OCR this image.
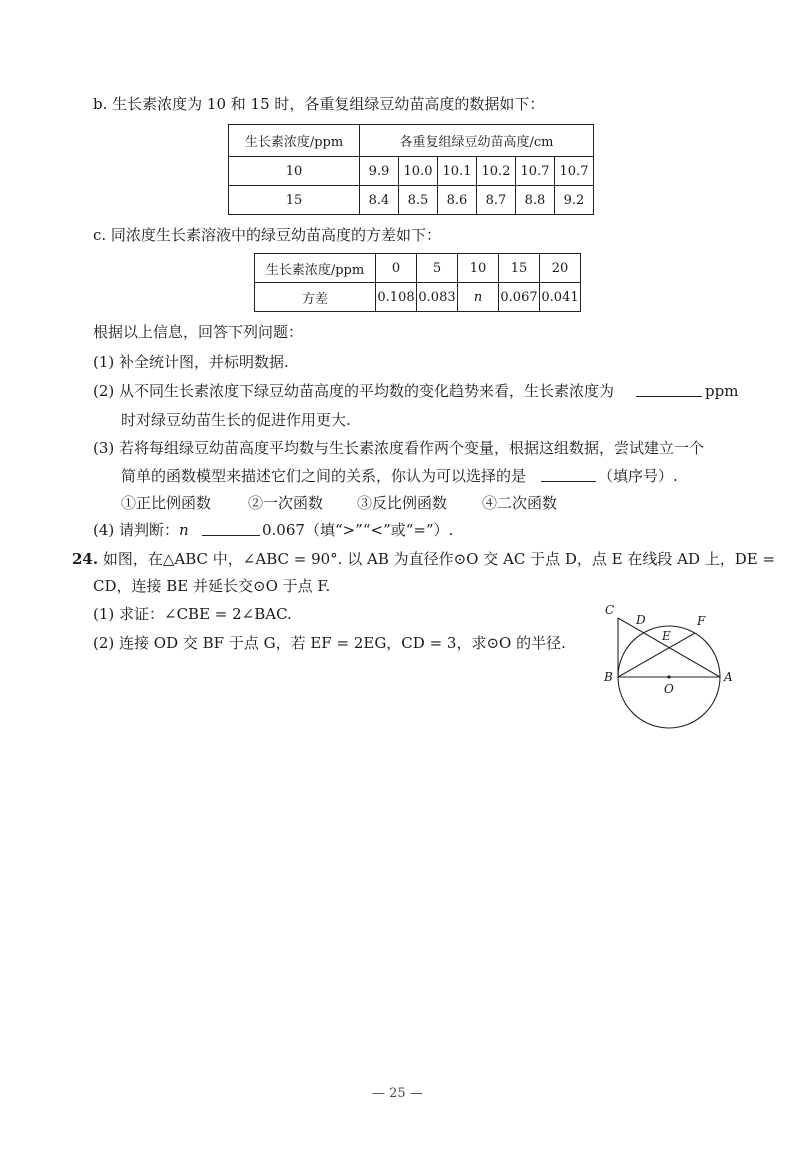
b. 生长素浓度为 10 和 15 时，各重复组绿豆幼苗高度的数据如下：
生长素浓度/ppm	各重复组绿豆幼苗高度/cm					
10	9.9	10.0	10.1	10.2	10.7	10.7
15	8.4	8.5	8.6	8.7	8.8	9.2
c. 同浓度生长素溶液中的绿豆幼苗高度的方差如下：
生长素浓度/ppm	0	5	10	15	20
方差	0.108	0.083	n	0.067	0.041
根据以上信息，回答下列问题：
(1) 补全统计图，并标明数据.
(2) 从不同生长素浓度下绿豆幼苗高度的平均数的变化趋势来看，生长素浓度为	ppm
时对绿豆幼苗生长的促进作用更大.
(3) 若将每组绿豆幼苗高度平均数与生长素浓度看作两个变量，根据这组数据，尝试建立一个
简单的函数模型来描述它们之间的关系，你认为可以选择的是	（填序号）.
①正比例函数 ②一次函数 ③反比例函数 ④二次函数
(4) 请判断：n	0.067（填“>”“<”或“=”）.
24. 如图，在△ABC 中，∠ABC = 90°. 以 AB 为直径作⊙O 交 AC 于点 D，点 E 在线段 AD 上，DE =
CD，连接 BE 并延长交⊙O 于点 F.
(1) 求证：∠CBE = 2∠BAC.
(2) 连接 OD 交 BF 于点 G，若 EF = 2EG，CD = 3，求⊙O 的半径.
C
D	F
E
B
O
A
— 25 —
